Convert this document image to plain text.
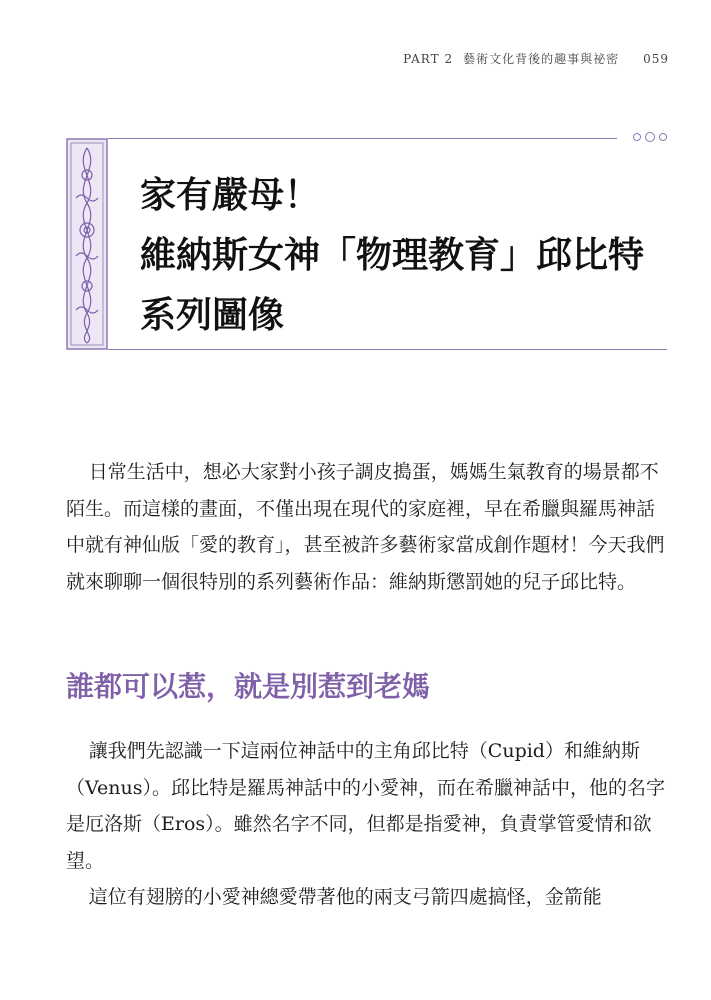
PART 2 藝術文化背後的趣事與祕密 059
家有嚴母！
維納斯女神「物理教育」邱比特
系列圖像

日常生活中，想必大家對小孩子調皮搗蛋，媽媽生氣教育的場景都不陌生。而這樣的畫面，不僅出現在現代的家庭裡，早在希臘與羅馬神話中就有神仙版「愛的教育」，甚至被許多藝術家當成創作題材！今天我們就來聊聊一個很特別的系列藝術作品：維納斯懲罰她的兒子邱比特。

誰都可以惹，就是別惹到老媽

讓我們先認識一下這兩位神話中的主角邱比特（Cupid）和維納斯（Venus）。邱比特是羅馬神話中的小愛神，而在希臘神話中，他的名字是厄洛斯（Eros）。雖然名字不同，但都是指愛神，負責掌管愛情和欲望。

這位有翅膀的小愛神總愛帶著他的兩支弓箭四處搞怪，金箭能
